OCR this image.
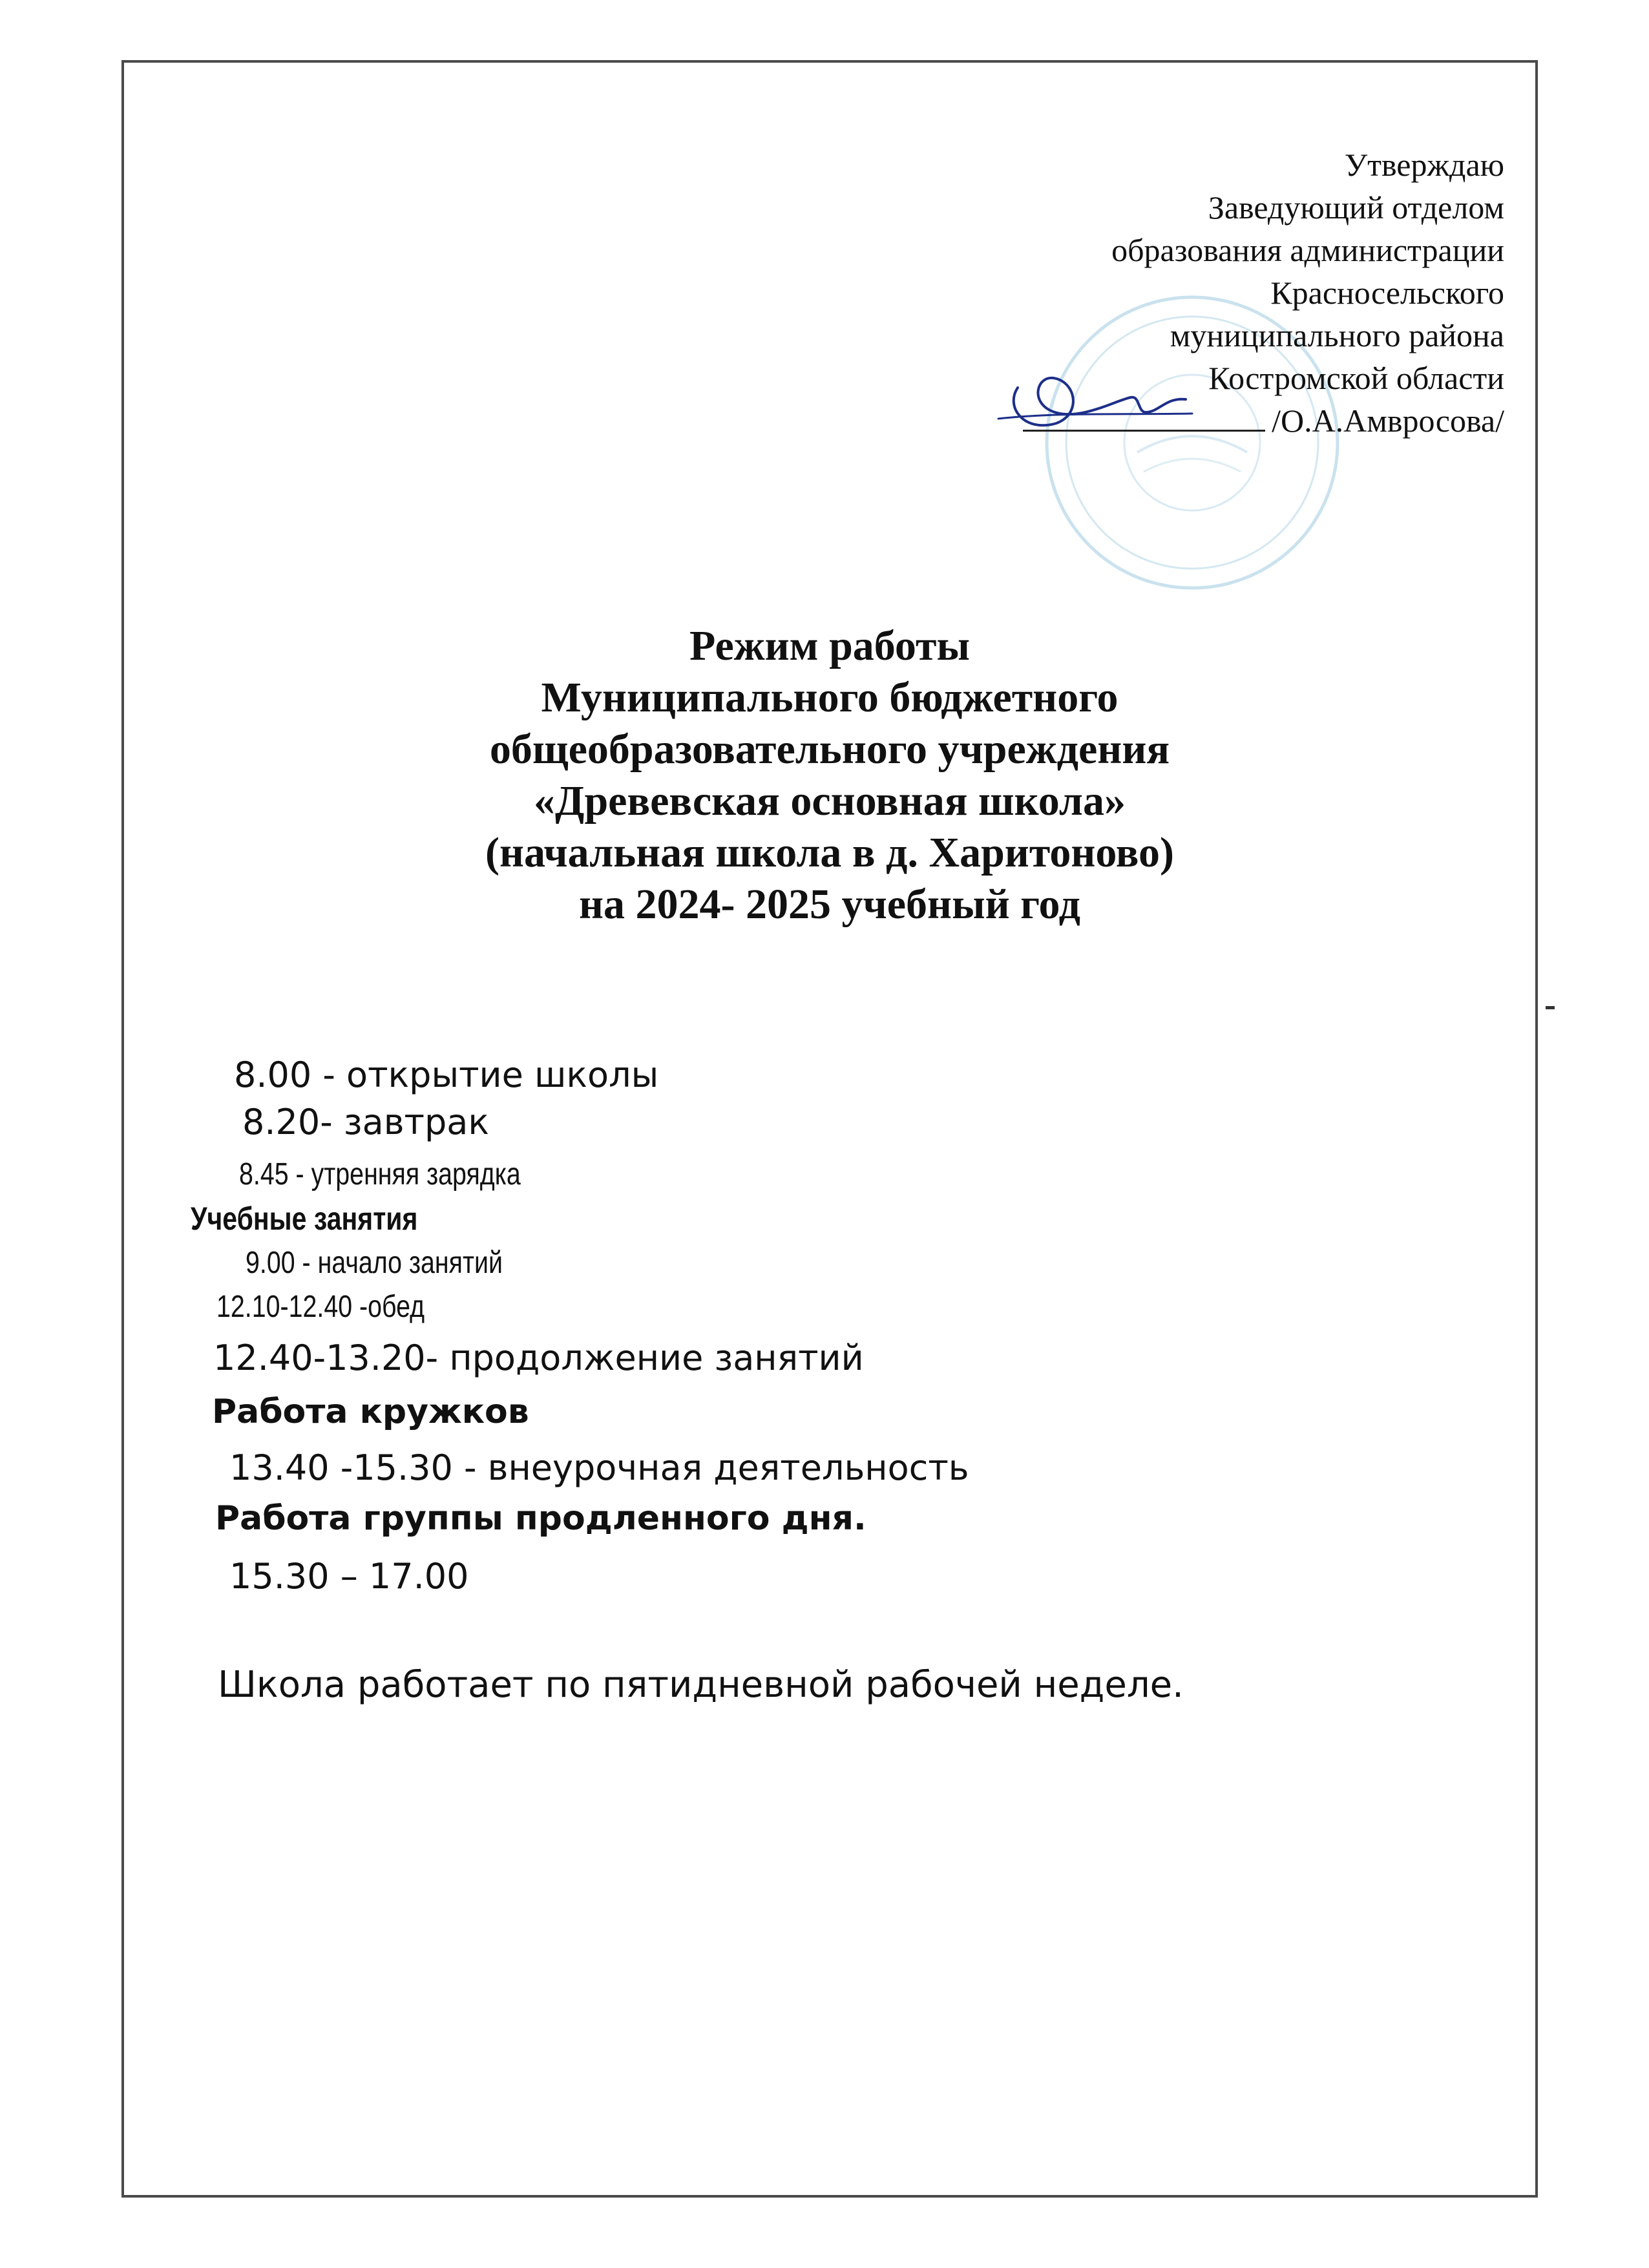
Утверждаю
Заведующий отделом
образования администрации
Красносельского
муниципального района
Костромской области
/О.А.Амвросова/
Режим работы
Муниципального бюджетного
общеобразовательного учреждения
«Древевская основная школа»
(начальная школа в д. Харитоново)
на 2024- 2025 учебный год
8.00 - открытие школы
8.20- завтрак
8.45 - утренняя зарядка
Учебные занятия
9.00 - начало занятий
12.10-12.40 -обед
12.40-13.20- продолжение занятий
Работа кружков
13.40 -15.30 - внеурочная деятельность
Работа группы продленного дня.
15.30 – 17.00
Школа работает по пятидневной рабочей неделе.
